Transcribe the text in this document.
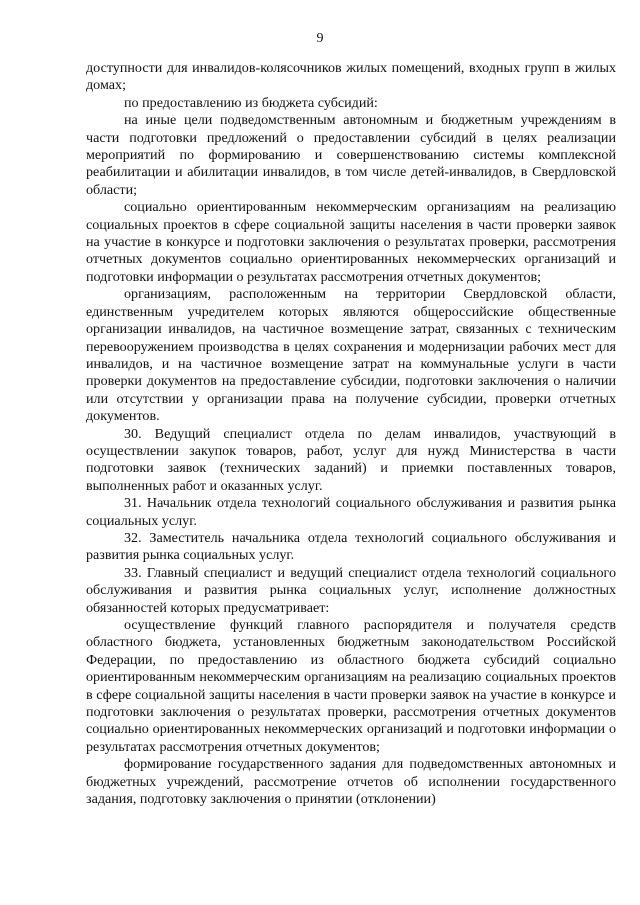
9

доступности для инвалидов-колясочников жилых помещений, входных групп в жилых домах;

по предоставлению из бюджета субсидий:

на иные цели подведомственным автономным и бюджетным учреждениям в части подготовки предложений о предоставлении субсидий в целях реализации мероприятий по формированию и совершенствованию системы комплексной реабилитации и абилитации инвалидов, в том числе детей-инвалидов, в Свердловской области;

социально ориентированным некоммерческим организациям на реализацию социальных проектов в сфере социальной защиты населения в части проверки заявок на участие в конкурсе и подготовки заключения о результатах проверки, рассмотрения отчетных документов социально ориентированных некоммерческих организаций и подготовки информации о результатах рассмотрения отчетных документов;

организациям, расположенным на территории Свердловской области, единственным учредителем которых являются общероссийские общественные организации инвалидов, на частичное возмещение затрат, связанных с техническим перевооружением производства в целях сохранения и модернизации рабочих мест для инвалидов, и на частичное возмещение затрат на коммунальные услуги в части проверки документов на предоставление субсидии, подготовки заключения о наличии или отсутствии у организации права на получение субсидии, проверки отчетных документов.

30. Ведущий специалист отдела по делам инвалидов, участвующий в осуществлении закупок товаров, работ, услуг для нужд Министерства в части подготовки заявок (технических заданий) и приемки поставленных товаров, выполненных работ и оказанных услуг.

31. Начальник отдела технологий социального обслуживания и развития рынка социальных услуг.

32. Заместитель начальника отдела технологий социального обслуживания и развития рынка социальных услуг.

33. Главный специалист и ведущий специалист отдела технологий социального обслуживания и развития рынка социальных услуг, исполнение должностных обязанностей которых предусматривает:

осуществление функций главного распорядителя и получателя средств областного бюджета, установленных бюджетным законодательством Российской Федерации, по предоставлению из областного бюджета субсидий социально ориентированным некоммерческим организациям на реализацию социальных проектов в сфере социальной защиты населения в части проверки заявок на участие в конкурсе и подготовки заключения о результатах проверки, рассмотрения отчетных документов социально ориентированных некоммерческих организаций и подготовки информации о результатах рассмотрения отчетных документов;

формирование государственного задания для подведомственных автономных и бюджетных учреждений, рассмотрение отчетов об исполнении государственного задания, подготовку заключения о принятии (отклонении)
